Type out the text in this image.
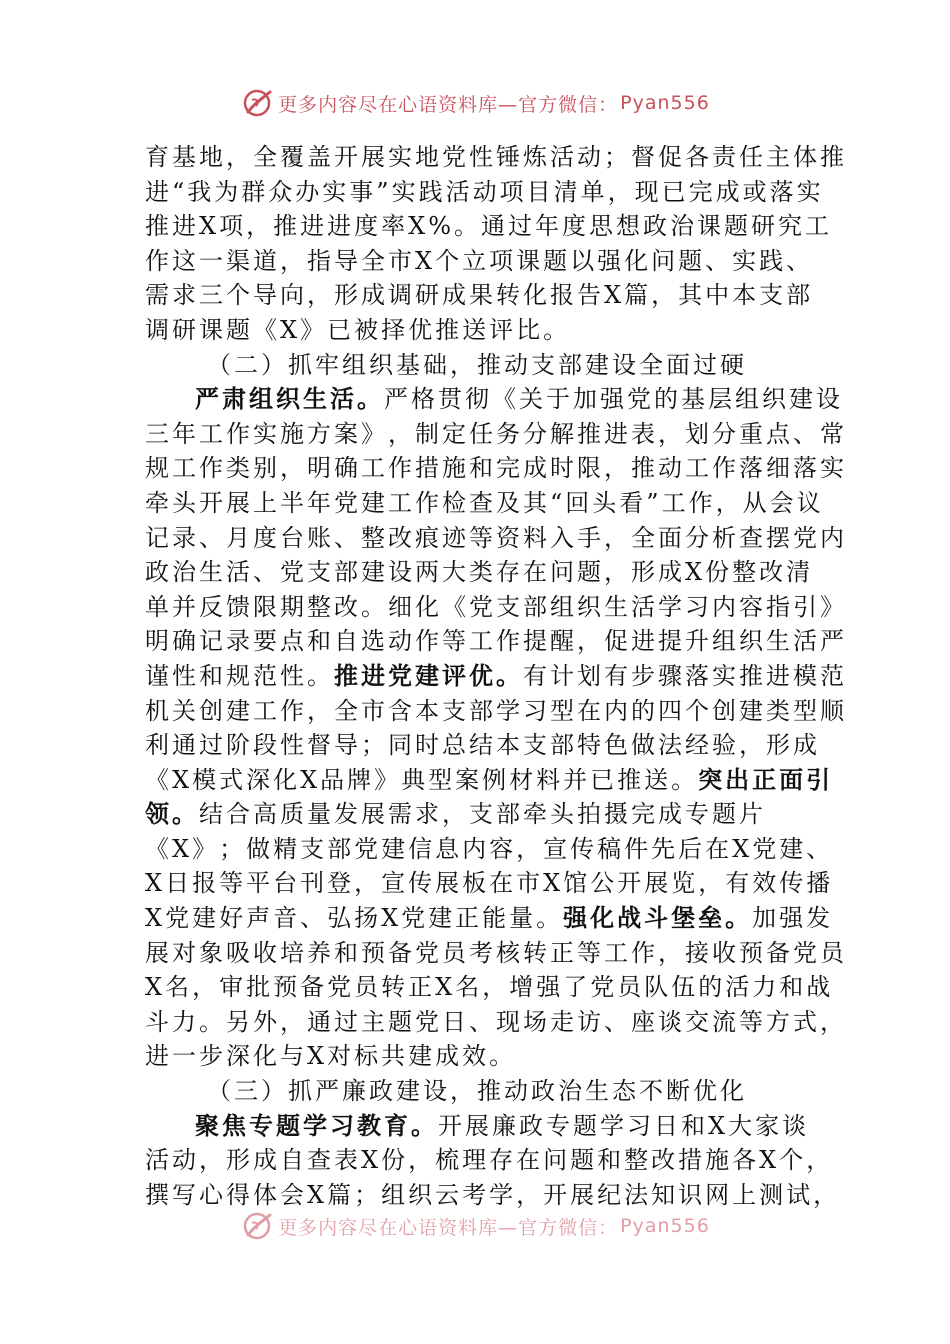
更多内容尽在心语资料库—官方微信： Pyan556
育 基 地 ， 全 覆 盖 开 展 实 地 党 性 锤 炼 活 动 ； 督 促 各 责 任 主 体 推
进 “ 我 为 群 众 办 实 事 ” 实 践 活 动 项 目 清 单 ， 现 已 完 成 或 落 实
推 进 X 项 ， 推 进 进 度 率 X % 。 通 过 年 度 思 想 政 治 课 题 研 究 工
作 这 一 渠 道 ， 指 导 全 市 X 个 立 项 课 题 以 强 化 问 题 、 实 践 、
需 求 三 个 导 向 ， 形 成 调 研 成 果 转 化 报 告 X 篇 ， 其 中 本 支 部
调研课题《X》已被择优推送评比。
（二）抓牢组织基础，推动支部建设全面过硬
严肃组织生活。 严格贯彻《关于加强党的基层组织建设
三 年 工 作 实 施 方 案 》 ， 制 定 任 务 分 解 推 进 表 ， 划 分 重 点 、 常
规 工 作 类 别 ， 明 确 工 作 措 施 和 完 成 时 限 ， 推 动 工 作 落 细 落 实
牵 头 开 展 上 半 年 党 建 工 作 检 查 及 其 “ 回 头 看 ” 工 作 ， 从 会 议
记 录 、 月 度 台 账 、 整 改 痕 迹 等 资 料 入 手 ， 全 面 分 析 查 摆 党 内
政 治 生 活 、 党 支 部 建 设 两 大 类 存 在 问 题 ， 形 成 X 份 整 改 清
单 并 反 馈 限 期 整 改 。 细 化 《 党 支 部 组 织 生 活 学 习 内 容 指 引 》
明 确 记 录 要 点 和 自 选 动 作 等 工 作 提 醒 ， 促 进 提 升 组 织 生 活 严
谨性和规范性。 推进党建评优。 有计划有步骤落实推进模范
机 关 创 建 工 作 ， 全 市 含 本 支 部 学 习 型 在 内 的 四 个 创 建 类 型 顺
利 通 过 阶 段 性 督 导 ； 同 时 总 结 本 支 部 特 色 做 法 经 验 ， 形 成
《X模式深化X品牌》典型案例材料并已推送。 突出正面引
领。 结合高质量发展需求，支部牵头拍摄完成专题片
《 X 》 ； 做 精 支 部 党 建 信 息 内 容 ， 宣 传 稿 件 先 后 在 X 党 建 、
X 日 报 等 平 台 刊 登 ， 宣 传 展 板 在 市 X 馆 公 开 展 览 ， 有 效 传 播
X党建好声音、弘扬X党建正能量。 强化战斗堡垒。 加强发
展 对 象 吸 收 培 养 和 预 备 党 员 考 核 转 正 等 工 作 ， 接 收 预 备 党 员
X 名 ， 审 批 预 备 党 员 转 正 X 名 ， 增 强 了 党 员 队 伍 的 活 力 和 战
斗 力 。 另 外 ， 通 过 主 题 党 日 、 现 场 走 访 、 座 谈 交 流 等 方 式 ，
进一步深化与X对标共建成效。
（三）抓严廉政建设，推动政治生态不断优化
聚焦专题学习教育。 开展廉政专题学习日和X大家谈
活 动 ， 形 成 自 查 表 X 份 ， 梳 理 存 在 问 题 和 整 改 措 施 各 X 个 ，
撰 写 心 得 体 会 X 篇 ； 组 织 云 考 学 ， 开 展 纪 法 知 识 网 上 测 试 ，
更多内容尽在心语资料库—官方微信： Pyan556
